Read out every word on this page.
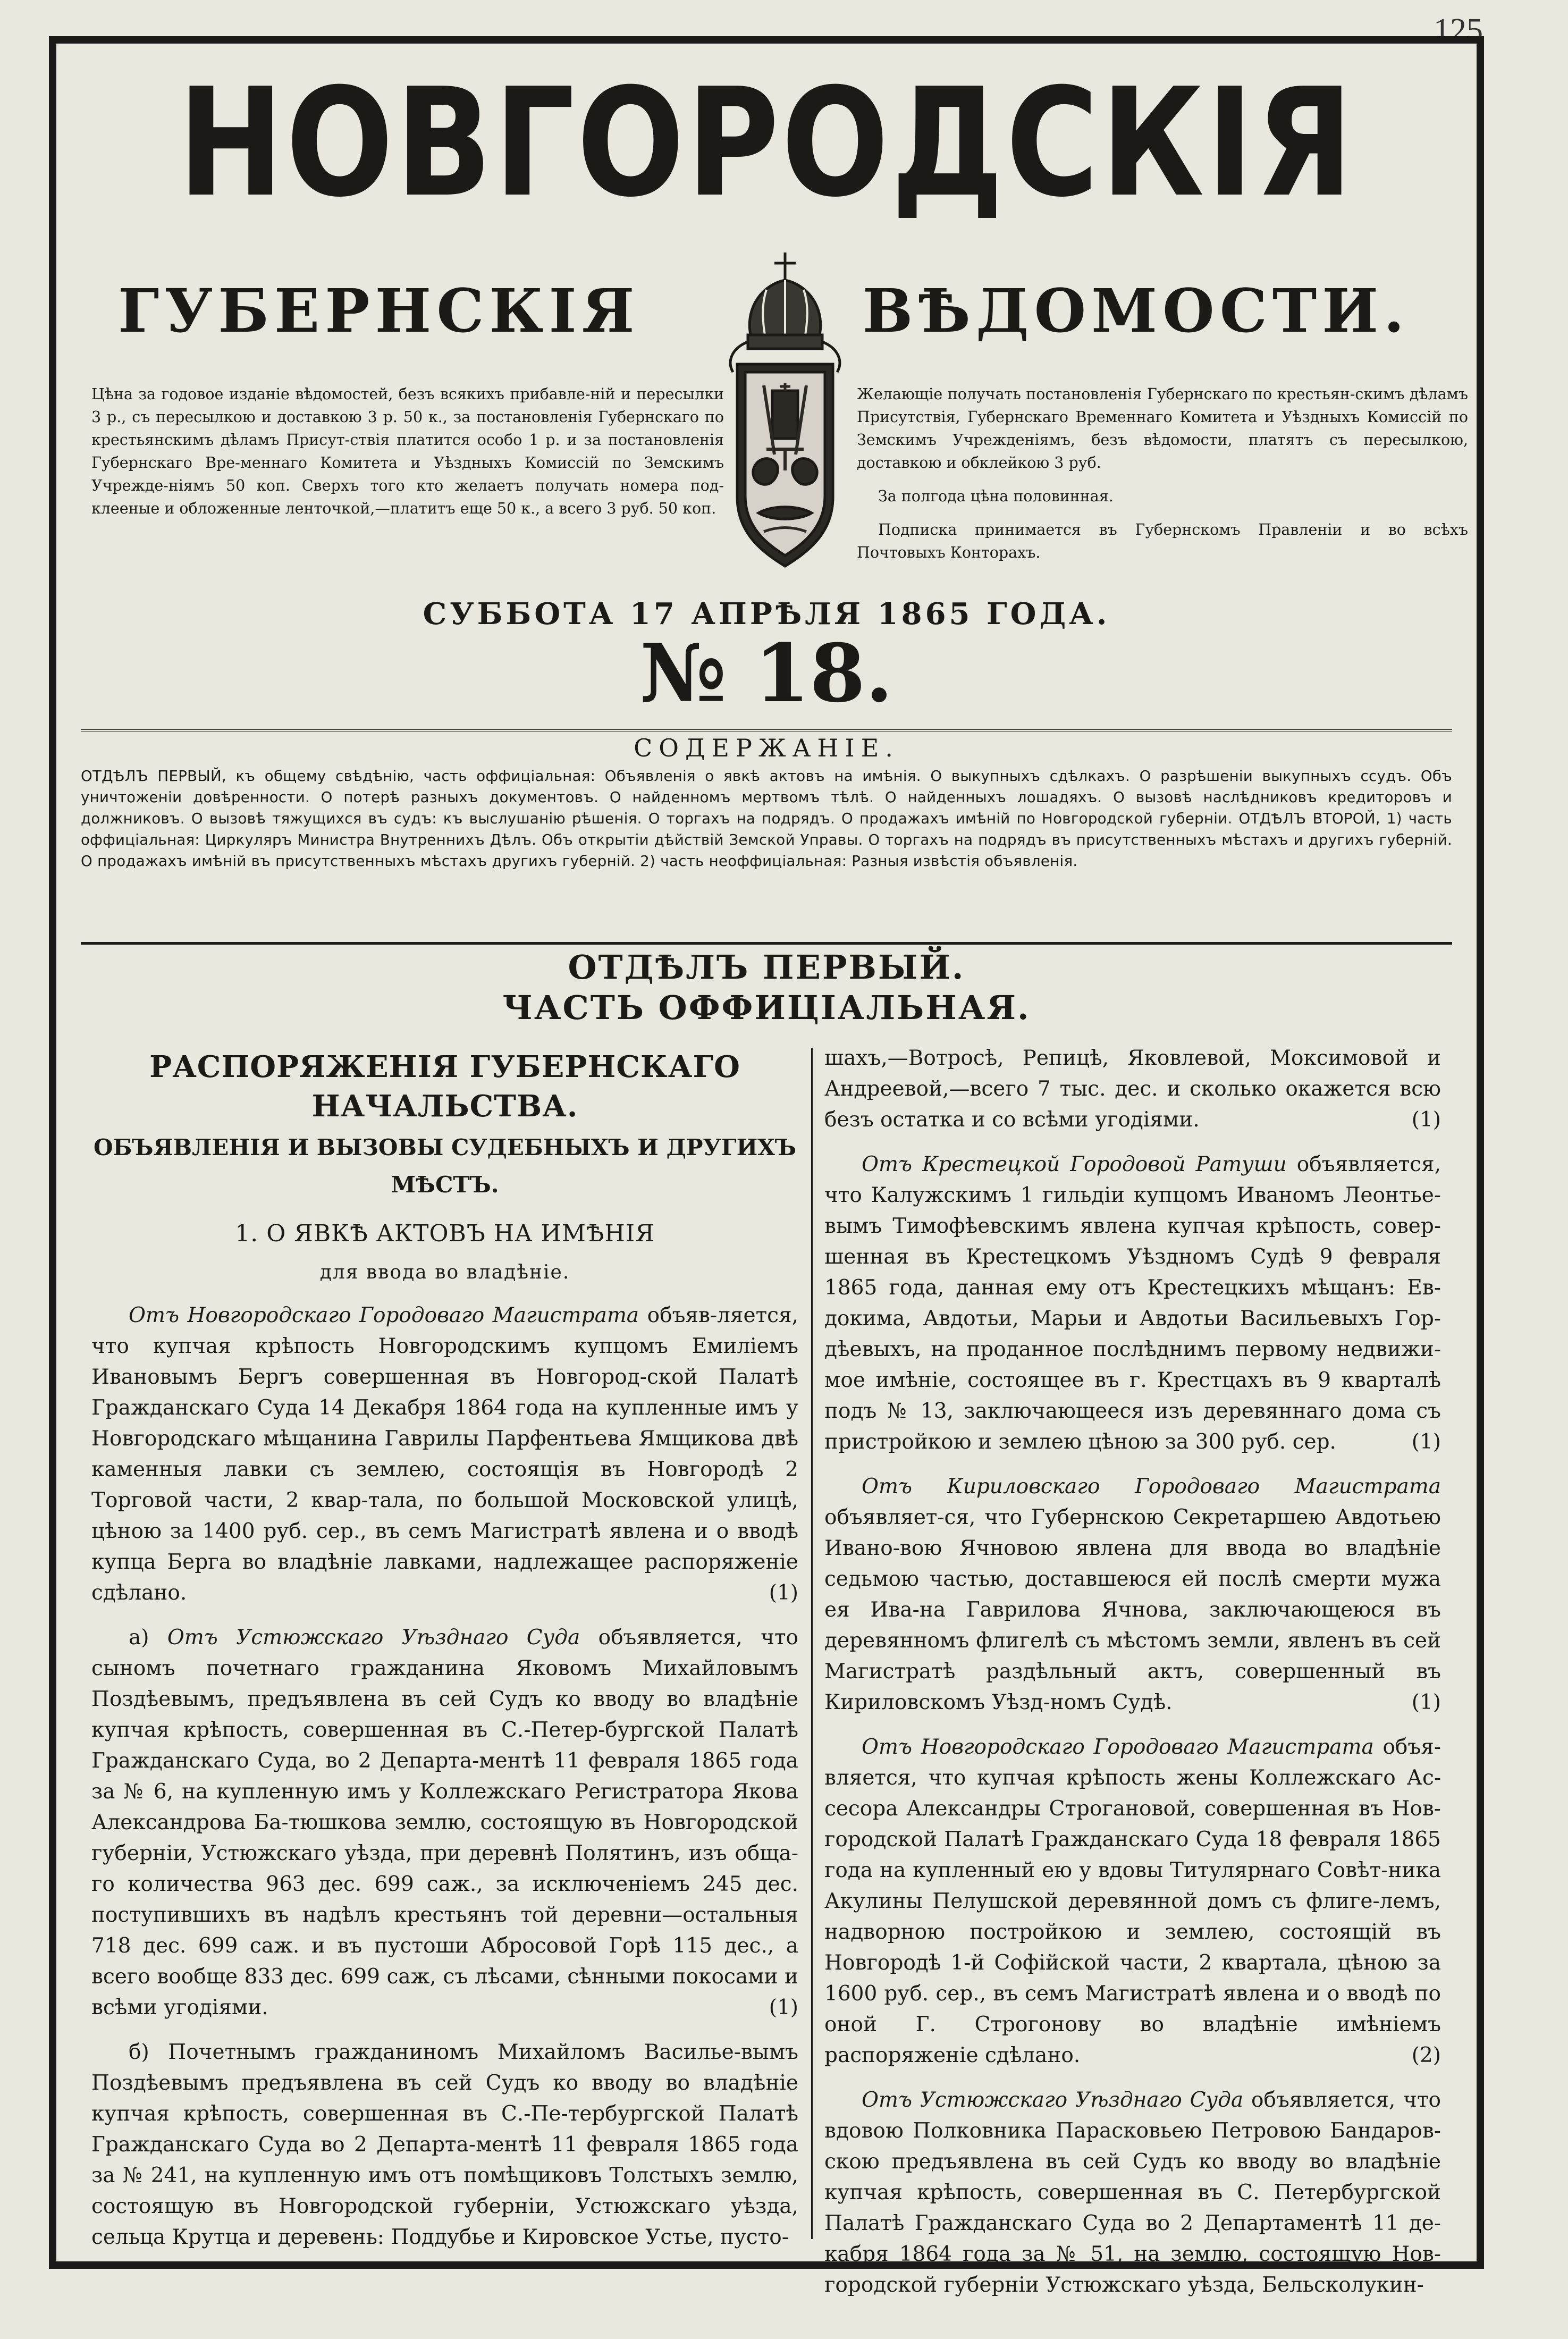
125
НОВГОРОДСКІЯ
ГУБЕРНСКІЯ	ВѢДОМОСТИ.
Цѣна за годовое изданіе вѣдомостей, безъ всякихъ прибавле-ній и пересылки 3 р., съ пересылкою и доставкою 3 р. 50 к., за постановленія Губернскаго по крестьянскимъ дѣламъ Присут-ствія платится особо 1 р. и за постановленія Губернскаго Вре-меннаго Комитета и Уѣздныхъ Комиссій по Земскимъ Учрежде-ніямъ 50 коп. Сверхъ того кто желаетъ получать номера под-клееные и обложенные ленточкой,—платитъ еще 50 к., а всего 3 руб. 50 коп.

Желающіе получать постановленія Губернскаго по крестьян-скимъ дѣламъ Присутствія, Губернскаго Временнаго Комитета и Уѣздныхъ Комиссій по Земскимъ Учрежденіямъ, безъ вѣдомости, платятъ съ пересылкою, доставкою и обклейкою 3 руб.

За полгода цѣна половинная.

Подписка принимается въ Губернскомъ Правленіи и во всѣхъ Почтовыхъ Конторахъ.

СУББОТА 17 АПРѢЛЯ 1865 ГОДА.
№ 18.
СОДЕРЖАНІЕ.

ОТДѢЛЪ ПЕРВЫЙ, къ общему свѣдѣнію, часть оффиціальная: Объявленія о явкѣ актовъ на имѣнія. О выкупныхъ сдѣлкахъ. О разрѣшеніи выкупныхъ ссудъ. Объ уничтоженіи довѣренности. О потерѣ разныхъ документовъ. О найденномъ мертвомъ тѣлѣ. О найденныхъ лошадяхъ. О вызовѣ наслѣдниковъ кредиторовъ и должниковъ. О вызовѣ тяжущихся въ судъ: къ выслушанію рѣшенія. О торгахъ на подрядъ. О продажахъ имѣній по Новгородской губерніи. ОТДѢЛЪ ВТОРОЙ, 1) часть оффиціальная: Циркуляръ Министра Внутреннихъ Дѣлъ. Объ открытіи дѣйствій Земской Управы. О торгахъ на подрядъ въ присутственныхъ мѣстахъ и другихъ губерній. О продажахъ имѣній въ присутственныхъ мѣстахъ другихъ губерній. 2) часть неоффиціальная: Разныя извѣстія объявленія.

ОТДѢЛЪ ПЕРВЫЙ.
ЧАСТЬ ОФФИЦІАЛЬНАЯ.
РАСПОРЯЖЕНІЯ ГУБЕРНСКАГО НАЧАЛЬСТВА.
ОБЪЯВЛЕНІЯ И ВЫЗОВЫ СУДЕБНЫХЪ И ДРУГИХЪ МѢСТЪ.
1. О ЯВКѢ АКТОВЪ НА ИМѢНІЯ
для ввода во владѣніе.

Отъ Новгородскаго Городоваго Магистрата объяв-ляется, что купчая крѣпость Новгородскимъ купцомъ Емиліемъ Ивановымъ Бергъ совершенная въ Новгород-ской Палатѣ Гражданскаго Суда 14 Декабря 1864 года на купленные имъ у Новгородскаго мѣщанина Гаврилы Парфентьева Ямщикова двѣ каменныя лавки съ землею, состоящія въ Новгородѣ 2 Торговой части, 2 квар-тала, по большой Московской улицѣ, цѣною за 1400 руб. сер., въ семъ Магистратѣ явлена и о вводѣ купца Берга во владѣніе лавками, надлежащее распоряженіе сдѣлано.	(1)

а) Отъ Устюжскаго Уѣзднаго Суда объявляется, что сыномъ почетнаго гражданина Яковомъ Михайловымъ Поздѣевымъ, предъявлена въ сей Судъ ко вводу во владѣніе купчая крѣпость, совершенная въ С.-Петер-бургской Палатѣ Гражданскаго Суда, во 2 Департа-ментѣ 11 февраля 1865 года за № 6, на купленную имъ у Коллежскаго Регистратора Якова Александрова Ба-тюшкова землю, состоящую въ Новгородской губерніи, Устюжскаго уѣзда, при деревнѣ Полятинъ, изъ обща-го количества 963 дес. 699 саж., за исключеніемъ 245 дес. поступившихъ въ надѣлъ крестьянъ той деревни—остальныя 718 дес. 699 саж. и въ пустоши Абросовой Горѣ 115 дес., а всего вообще 833 дес. 699 саж, съ лѣсами, сѣнными покосами и всѣми угодіями.	(1)

б) Почетнымъ гражданиномъ Михайломъ Василье-вымъ Поздѣевымъ предъявлена въ сей Судъ ко вводу во владѣніе купчая крѣпость, совершенная въ С.-Пе-тербургской Палатѣ Гражданскаго Суда во 2 Департа-ментѣ 11 февраля 1865 года за № 241, на купленную имъ отъ помѣщиковъ Толстыхъ землю, состоящую въ Новгородской губерніи, Устюжскаго уѣзда, сельца Крутца и деревень: Поддубье и Кировское Устье, пусто-

шахъ,—Вотросѣ, Репицѣ, Яковлевой, Моксимовой и Андреевой,—всего 7 тыс. дес. и сколько окажется всю безъ остатка и со всѣми угодіями.	(1)

Отъ Крестецкой Городовой Ратуши объявляется, что Калужскимъ 1 гильдіи купцомъ Иваномъ Леонтье-вымъ Тимофѣевскимъ явлена купчая крѣпость, совер-шенная въ Крестецкомъ Уѣздномъ Судѣ 9 февраля 1865 года, данная ему отъ Крестецкихъ мѣщанъ: Ев-докима, Авдотьи, Марьи и Авдотьи Васильевыхъ Гор-дѣевыхъ, на проданное послѣднимъ первому недвижи-мое имѣніе, состоящее въ г. Крестцахъ въ 9 кварталѣ подъ № 13, заключающееся изъ деревяннаго дома съ пристройкою и землею цѣною за 300 руб. сер.	(1)

Отъ Кириловскаго Городоваго Магистрата объявляет-ся, что Губернскою Секретаршею Авдотьею Ивано-вою Ячновою явлена для ввода во владѣніе седьмою частью, доставшеюся ей послѣ смерти мужа ея Ива-на Гаврилова Ячнова, заключающеюся въ деревянномъ флигелѣ съ мѣстомъ земли, явленъ въ сей Магистратѣ раздѣльный актъ, совершенный въ Кириловскомъ Уѣзд-номъ Судѣ.	(1)

Отъ Новгородскаго Городоваго Магистрата объя-вляется, что купчая крѣпость жены Коллежскаго Ас-сесора Александры Строгановой, совершенная въ Нов-городской Палатѣ Гражданскаго Суда 18 февраля 1865 года на купленный ею у вдовы Титулярнаго Совѣт-ника Акулины Пелушской деревянной домъ съ флиге-лемъ, надворною постройкою и землею, состоящій въ Новгородѣ 1-й Софійской части, 2 квартала, цѣною за 1600 руб. сер., въ семъ Магистратѣ явлена и о вводѣ по оной Г. Строгонову во владѣніе имѣніемъ распоряженіе сдѣлано.	(2)

Отъ Устюжскаго Уѣзднаго Суда объявляется, что вдовою Полковника Парасковьею Петровою Бандаров-скою предъявлена въ сей Судъ ко вводу во владѣніе купчая крѣпость, совершенная въ С. Петербургской Палатѣ Гражданскаго Суда во 2 Департаментѣ 11 де-кабря 1864 года за № 51, на землю, состоящую Нов-городской губерніи Устюжскаго уѣзда, Бельсколукин-
